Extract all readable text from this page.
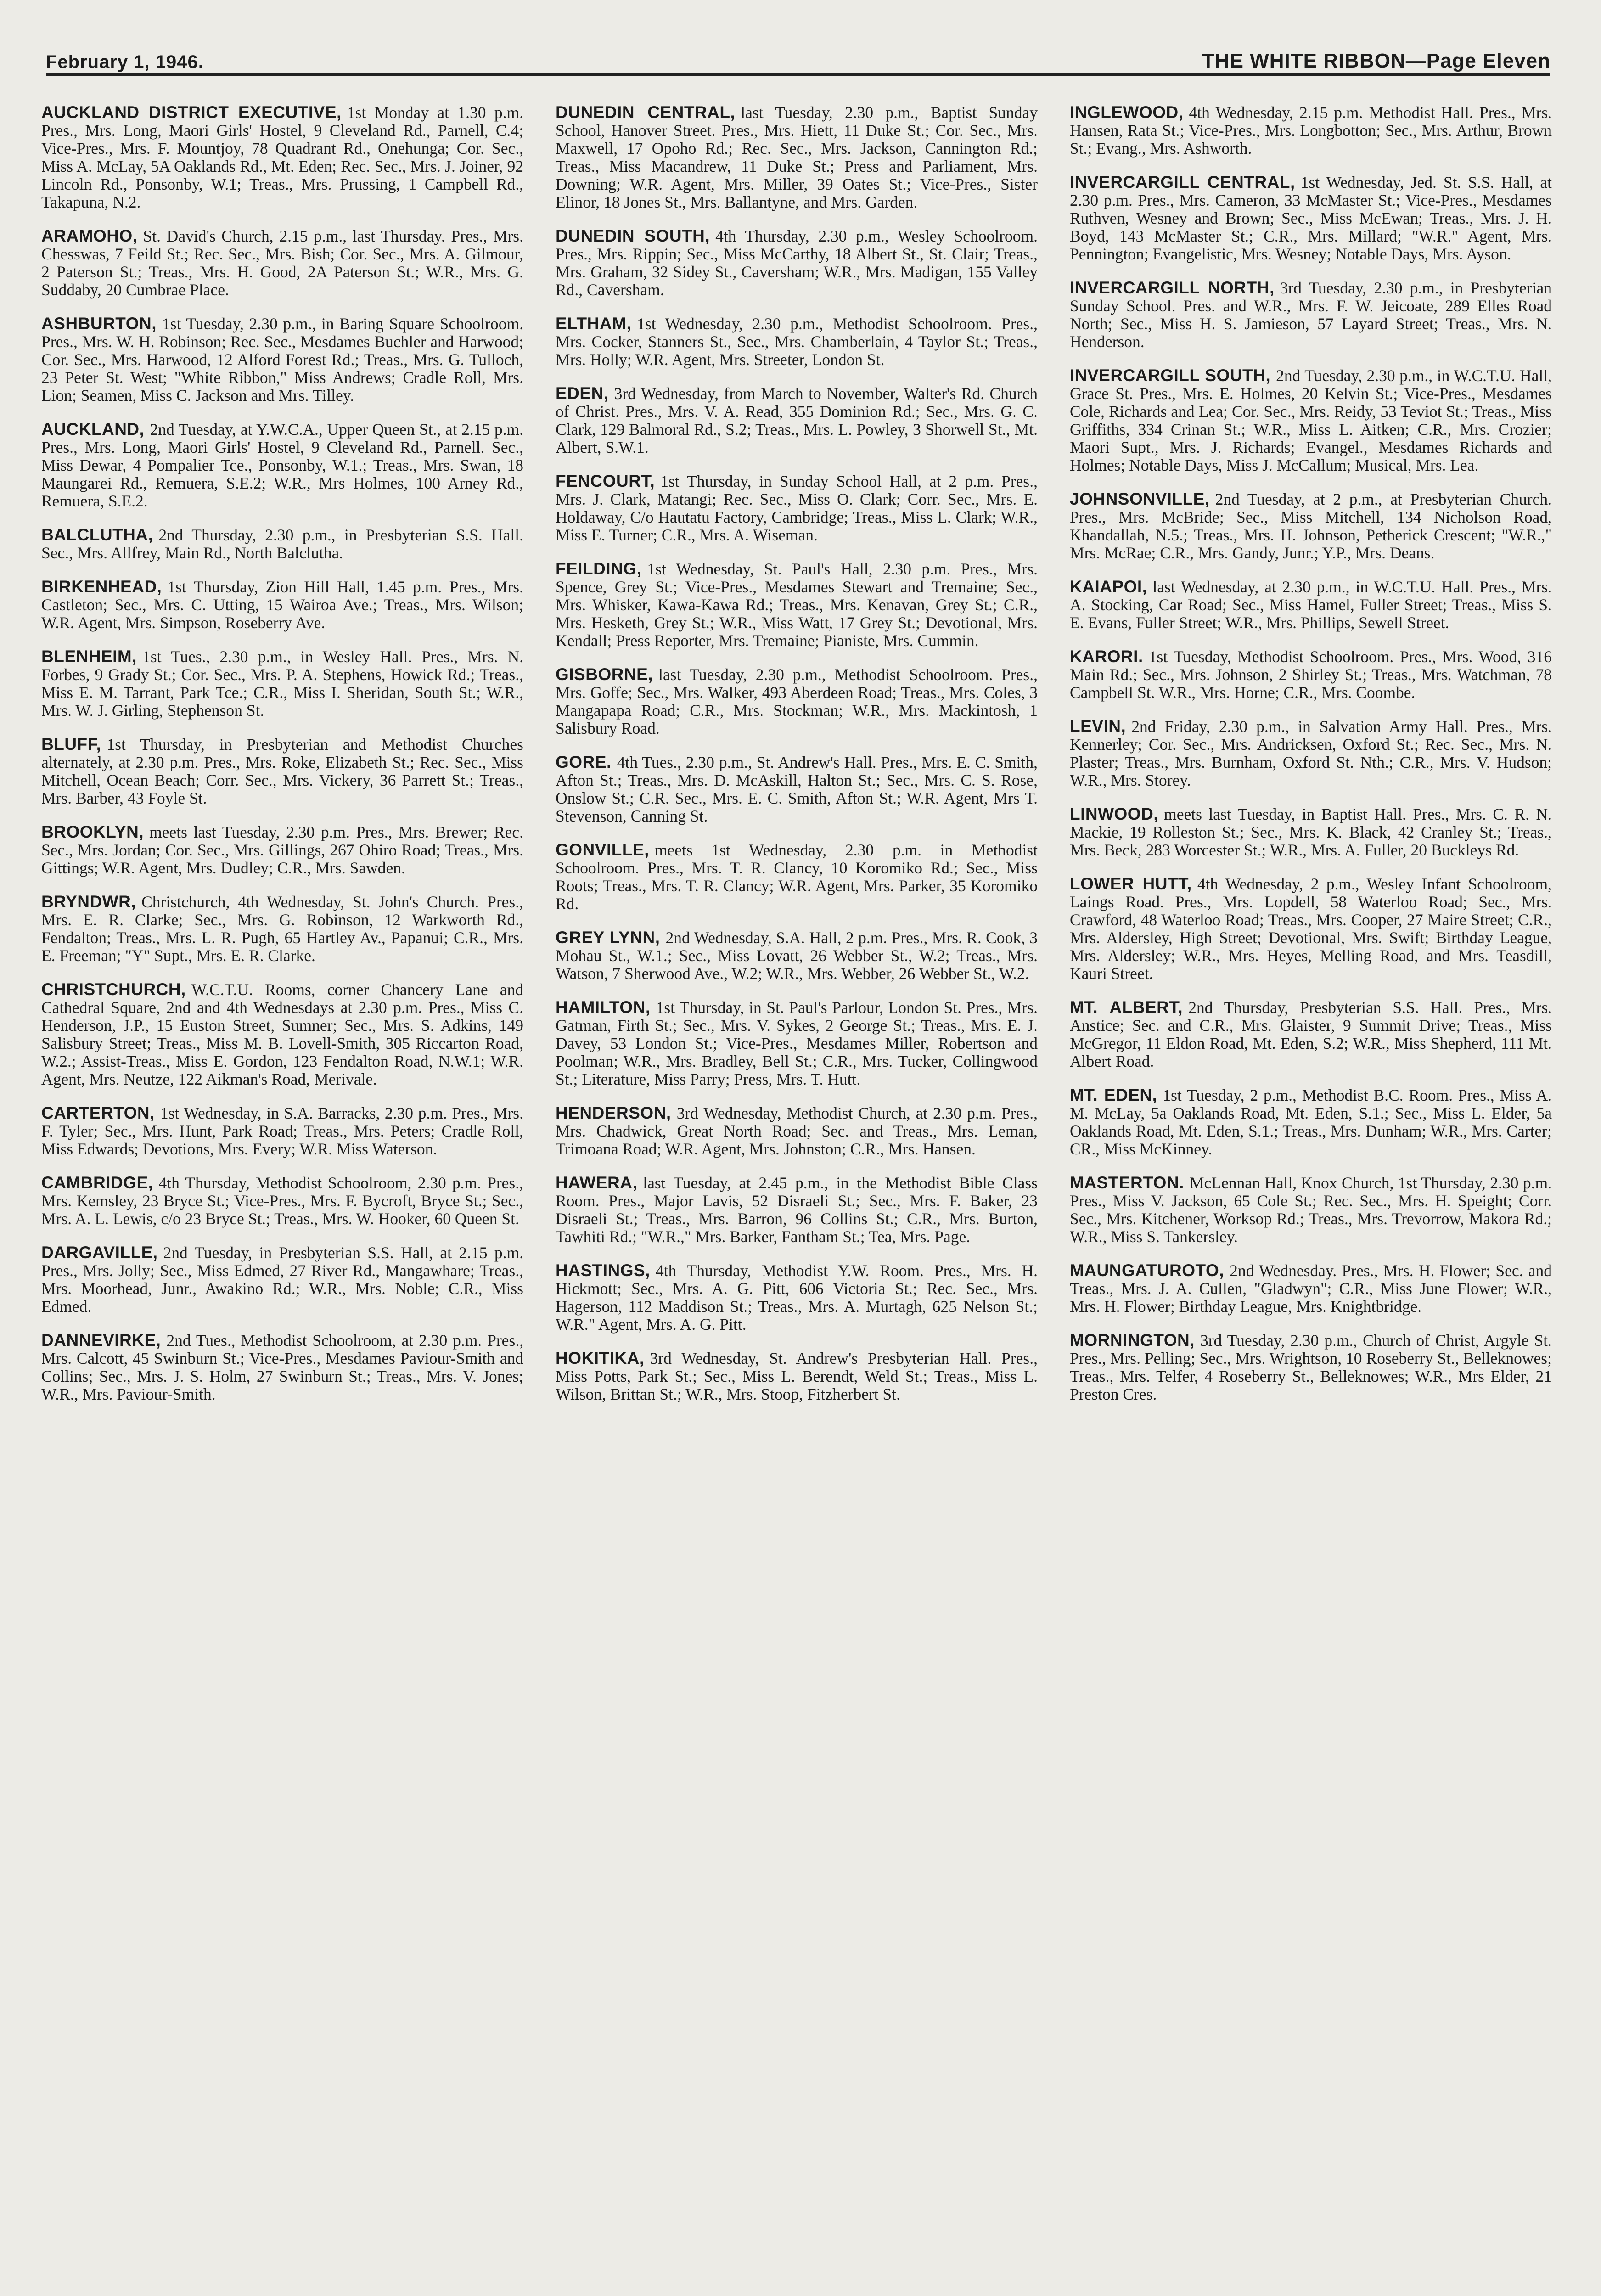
February 1, 1946.	THE WHITE RIBBON—Page Eleven

AUCKLAND DISTRICT EXECUTIVE, 1st Monday at 1.30 p.m. Pres., Mrs. Long, Maori Girls' Hostel, 9 Cleveland Rd., Parnell, C.4; Vice-Pres., Mrs. F. Mountjoy, 78 Quadrant Rd., Onehunga; Cor. Sec., Miss A. McLay, 5A Oaklands Rd., Mt. Eden; Rec. Sec., Mrs. J. Joiner, 92 Lincoln Rd., Ponsonby, W.1; Treas., Mrs. Prussing, 1 Campbell Rd., Takapuna, N.2.

ARAMOHO, St. David's Church, 2.15 p.m., last Thursday. Pres., Mrs. Chesswas, 7 Feild St.; Rec. Sec., Mrs. Bish; Cor. Sec., Mrs. A. Gilmour, 2 Paterson St.; Treas., Mrs. H. Good, 2A Paterson St.; W.R., Mrs. G. Suddaby, 20 Cumbrae Place.

ASHBURTON, 1st Tuesday, 2.30 p.m., in Baring Square Schoolroom. Pres., Mrs. W. H. Robinson; Rec. Sec., Mesdames Buchler and Harwood; Cor. Sec., Mrs. Harwood, 12 Alford Forest Rd.; Treas., Mrs. G. Tulloch, 23 Peter St. West; "White Ribbon," Miss Andrews; Cradle Roll, Mrs. Lion; Seamen, Miss C. Jackson and Mrs. Tilley.

AUCKLAND, 2nd Tuesday, at Y.W.C.A., Upper Queen St., at 2.15 p.m. Pres., Mrs. Long, Maori Girls' Hostel, 9 Cleveland Rd., Parnell. Sec., Miss Dewar, 4 Pompalier Tce., Ponsonby, W.1.; Treas., Mrs. Swan, 18 Maungarei Rd., Remuera, S.E.2; W.R., Mrs Holmes, 100 Arney Rd., Remuera, S.E.2.

BALCLUTHA, 2nd Thursday, 2.30 p.m., in Presbyterian S.S. Hall. Sec., Mrs. Allfrey, Main Rd., North Balclutha.

BIRKENHEAD, 1st Thursday, Zion Hill Hall, 1.45 p.m. Pres., Mrs. Castleton; Sec., Mrs. C. Utting, 15 Wairoa Ave.; Treas., Mrs. Wilson; W.R. Agent, Mrs. Simpson, Roseberry Ave.

BLENHEIM, 1st Tues., 2.30 p.m., in Wesley Hall. Pres., Mrs. N. Forbes, 9 Grady St.; Cor. Sec., Mrs. P. A. Stephens, Howick Rd.; Treas., Miss E. M. Tarrant, Park Tce.; C.R., Miss I. Sheridan, South St.; W.R., Mrs. W. J. Girling, Stephenson St.

BLUFF, 1st Thursday, in Presbyterian and Methodist Churches alternately, at 2.30 p.m. Pres., Mrs. Roke, Elizabeth St.; Rec. Sec., Miss Mitchell, Ocean Beach; Corr. Sec., Mrs. Vickery, 36 Parrett St.; Treas., Mrs. Barber, 43 Foyle St.

BROOKLYN, meets last Tuesday, 2.30 p.m. Pres., Mrs. Brewer; Rec. Sec., Mrs. Jordan; Cor. Sec., Mrs. Gillings, 267 Ohiro Road; Treas., Mrs. Gittings; W.R. Agent, Mrs. Dudley; C.R., Mrs. Sawden.

BRYNDWR, Christchurch, 4th Wednesday, St. John's Church. Pres., Mrs. E. R. Clarke; Sec., Mrs. G. Robinson, 12 Warkworth Rd., Fendalton; Treas., Mrs. L. R. Pugh, 65 Hartley Av., Papanui; C.R., Mrs. E. Freeman; "Y" Supt., Mrs. E. R. Clarke.

CHRISTCHURCH, W.C.T.U. Rooms, corner Chancery Lane and Cathedral Square, 2nd and 4th Wednesdays at 2.30 p.m. Pres., Miss C. Henderson, J.P., 15 Euston Street, Sumner; Sec., Mrs. S. Adkins, 149 Salisbury Street; Treas., Miss M. B. Lovell-Smith, 305 Riccarton Road, W.2.; Assist-Treas., Miss E. Gordon, 123 Fendalton Road, N.W.1; W.R. Agent, Mrs. Neutze, 122 Aikman's Road, Merivale.

CARTERTON, 1st Wednesday, in S.A. Barracks, 2.30 p.m. Pres., Mrs. F. Tyler; Sec., Mrs. Hunt, Park Road; Treas., Mrs. Peters; Cradle Roll, Miss Edwards; Devotions, Mrs. Every; W.R. Miss Waterson.

CAMBRIDGE, 4th Thursday, Methodist Schoolroom, 2.30 p.m. Pres., Mrs. Kemsley, 23 Bryce St.; Vice-Pres., Mrs. F. Bycroft, Bryce St.; Sec., Mrs. A. L. Lewis, c/o 23 Bryce St.; Treas., Mrs. W. Hooker, 60 Queen St.

DARGAVILLE, 2nd Tuesday, in Presbyterian S.S. Hall, at 2.15 p.m. Pres., Mrs. Jolly; Sec., Miss Edmed, 27 River Rd., Mangawhare; Treas., Mrs. Moorhead, Junr., Awakino Rd.; W.R., Mrs. Noble; C.R., Miss Edmed.

DANNEVIRKE, 2nd Tues., Methodist Schoolroom, at 2.30 p.m. Pres., Mrs. Calcott, 45 Swinburn St.; Vice-Pres., Mesdames Paviour-Smith and Collins; Sec., Mrs. J. S. Holm, 27 Swinburn St.; Treas., Mrs. V. Jones; W.R., Mrs. Paviour-Smith.

DUNEDIN CENTRAL, last Tuesday, 2.30 p.m., Baptist Sunday School, Hanover Street. Pres., Mrs. Hiett, 11 Duke St.; Cor. Sec., Mrs. Maxwell, 17 Opoho Rd.; Rec. Sec., Mrs. Jackson, Cannington Rd.; Treas., Miss Macandrew, 11 Duke St.; Press and Parliament, Mrs. Downing; W.R. Agent, Mrs. Miller, 39 Oates St.; Vice-Pres., Sister Elinor, 18 Jones St., Mrs. Ballantyne, and Mrs. Garden.

DUNEDIN SOUTH, 4th Thursday, 2.30 p.m., Wesley Schoolroom. Pres., Mrs. Rippin; Sec., Miss McCarthy, 18 Albert St., St. Clair; Treas., Mrs. Graham, 32 Sidey St., Caversham; W.R., Mrs. Madigan, 155 Valley Rd., Caversham.

ELTHAM, 1st Wednesday, 2.30 p.m., Methodist Schoolroom. Pres., Mrs. Cocker, Stanners St., Sec., Mrs. Chamberlain, 4 Taylor St.; Treas., Mrs. Holly; W.R. Agent, Mrs. Streeter, London St.

EDEN, 3rd Wednesday, from March to November, Walter's Rd. Church of Christ. Pres., Mrs. V. A. Read, 355 Dominion Rd.; Sec., Mrs. G. C. Clark, 129 Balmoral Rd., S.2; Treas., Mrs. L. Powley, 3 Shorwell St., Mt. Albert, S.W.1.

FENCOURT, 1st Thursday, in Sunday School Hall, at 2 p.m. Pres., Mrs. J. Clark, Matangi; Rec. Sec., Miss O. Clark; Corr. Sec., Mrs. E. Holdaway, C/o Hautatu Factory, Cambridge; Treas., Miss L. Clark; W.R., Miss E. Turner; C.R., Mrs. A. Wiseman.

FEILDING, 1st Wednesday, St. Paul's Hall, 2.30 p.m. Pres., Mrs. Spence, Grey St.; Vice-Pres., Mesdames Stewart and Tremaine; Sec., Mrs. Whisker, Kawa-Kawa Rd.; Treas., Mrs. Kenavan, Grey St.; C.R., Mrs. Hesketh, Grey St.; W.R., Miss Watt, 17 Grey St.; Devotional, Mrs. Kendall; Press Reporter, Mrs. Tremaine; Pianiste, Mrs. Cummin.

GISBORNE, last Tuesday, 2.30 p.m., Methodist Schoolroom. Pres., Mrs. Goffe; Sec., Mrs. Walker, 493 Aberdeen Road; Treas., Mrs. Coles, 3 Mangapapa Road; C.R., Mrs. Stockman; W.R., Mrs. Mackintosh, 1 Salisbury Road.

GORE. 4th Tues., 2.30 p.m., St. Andrew's Hall. Pres., Mrs. E. C. Smith, Afton St.; Treas., Mrs. D. McAskill, Halton St.; Sec., Mrs. C. S. Rose, Onslow St.; C.R. Sec., Mrs. E. C. Smith, Afton St.; W.R. Agent, Mrs T. Stevenson, Canning St.

GONVILLE, meets 1st Wednesday, 2.30 p.m. in Methodist Schoolroom. Pres., Mrs. T. R. Clancy, 10 Koromiko Rd.; Sec., Miss Roots; Treas., Mrs. T. R. Clancy; W.R. Agent, Mrs. Parker, 35 Koromiko Rd.

GREY LYNN, 2nd Wednesday, S.A. Hall, 2 p.m. Pres., Mrs. R. Cook, 3 Mohau St., W.1.; Sec., Miss Lovatt, 26 Webber St., W.2; Treas., Mrs. Watson, 7 Sherwood Ave., W.2; W.R., Mrs. Webber, 26 Webber St., W.2.

HAMILTON, 1st Thursday, in St. Paul's Parlour, London St. Pres., Mrs. Gatman, Firth St.; Sec., Mrs. V. Sykes, 2 George St.; Treas., Mrs. E. J. Davey, 53 London St.; Vice-Pres., Mesdames Miller, Robertson and Poolman; W.R., Mrs. Bradley, Bell St.; C.R., Mrs. Tucker, Collingwood St.; Literature, Miss Parry; Press, Mrs. T. Hutt.

HENDERSON, 3rd Wednesday, Methodist Church, at 2.30 p.m. Pres., Mrs. Chadwick, Great North Road; Sec. and Treas., Mrs. Leman, Trimoana Road; W.R. Agent, Mrs. Johnston; C.R., Mrs. Hansen.

HAWERA, last Tuesday, at 2.45 p.m., in the Methodist Bible Class Room. Pres., Major Lavis, 52 Disraeli St.; Sec., Mrs. F. Baker, 23 Disraeli St.; Treas., Mrs. Barron, 96 Collins St.; C.R., Mrs. Burton, Tawhiti Rd.; "W.R.," Mrs. Barker, Fantham St.; Tea, Mrs. Page.

HASTINGS, 4th Thursday, Methodist Y.W. Room. Pres., Mrs. H. Hickmott; Sec., Mrs. A. G. Pitt, 606 Victoria St.; Rec. Sec., Mrs. Hagerson, 112 Maddison St.; Treas., Mrs. A. Murtagh, 625 Nelson St.; W.R." Agent, Mrs. A. G. Pitt.

HOKITIKA, 3rd Wednesday, St. Andrew's Presbyterian Hall. Pres., Miss Potts, Park St.; Sec., Miss L. Berendt, Weld St.; Treas., Miss L. Wilson, Brittan St.; W.R., Mrs. Stoop, Fitzherbert St.

INGLEWOOD, 4th Wednesday, 2.15 p.m. Methodist Hall. Pres., Mrs. Hansen, Rata St.; Vice-Pres., Mrs. Longbotton; Sec., Mrs. Arthur, Brown St.; Evang., Mrs. Ashworth.

INVERCARGILL CENTRAL, 1st Wednesday, Jed. St. S.S. Hall, at 2.30 p.m. Pres., Mrs. Cameron, 33 McMaster St.; Vice-Pres., Mesdames Ruthven, Wesney and Brown; Sec., Miss McEwan; Treas., Mrs. J. H. Boyd, 143 McMaster St.; C.R., Mrs. Millard; "W.R." Agent, Mrs. Pennington; Evangelistic, Mrs. Wesney; Notable Days, Mrs. Ayson.

INVERCARGILL NORTH, 3rd Tuesday, 2.30 p.m., in Presbyterian Sunday School. Pres. and W.R., Mrs. F. W. Jeicoate, 289 Elles Road North; Sec., Miss H. S. Jamieson, 57 Layard Street; Treas., Mrs. N. Henderson.

INVERCARGILL SOUTH, 2nd Tuesday, 2.30 p.m., in W.C.T.U. Hall, Grace St. Pres., Mrs. E. Holmes, 20 Kelvin St.; Vice-Pres., Mesdames Cole, Richards and Lea; Cor. Sec., Mrs. Reidy, 53 Teviot St.; Treas., Miss Griffiths, 334 Crinan St.; W.R., Miss L. Aitken; C.R., Mrs. Crozier; Maori Supt., Mrs. J. Richards; Evangel., Mesdames Richards and Holmes; Notable Days, Miss J. McCallum; Musical, Mrs. Lea.

JOHNSONVILLE, 2nd Tuesday, at 2 p.m., at Presbyterian Church. Pres., Mrs. McBride; Sec., Miss Mitchell, 134 Nicholson Road, Khandallah, N.5.; Treas., Mrs. H. Johnson, Petherick Crescent; "W.R.," Mrs. McRae; C.R., Mrs. Gandy, Junr.; Y.P., Mrs. Deans.

KAIAPOI, last Wednesday, at 2.30 p.m., in W.C.T.U. Hall. Pres., Mrs. A. Stocking, Car Road; Sec., Miss Hamel, Fuller Street; Treas., Miss S. E. Evans, Fuller Street; W.R., Mrs. Phillips, Sewell Street.

KARORI. 1st Tuesday, Methodist Schoolroom. Pres., Mrs. Wood, 316 Main Rd.; Sec., Mrs. Johnson, 2 Shirley St.; Treas., Mrs. Watchman, 78 Campbell St. W.R., Mrs. Horne; C.R., Mrs. Coombe.

LEVIN, 2nd Friday, 2.30 p.m., in Salvation Army Hall. Pres., Mrs. Kennerley; Cor. Sec., Mrs. Andricksen, Oxford St.; Rec. Sec., Mrs. N. Plaster; Treas., Mrs. Burnham, Oxford St. Nth.; C.R., Mrs. V. Hudson; W.R., Mrs. Storey.

LINWOOD, meets last Tuesday, in Baptist Hall. Pres., Mrs. C. R. N. Mackie, 19 Rolleston St.; Sec., Mrs. K. Black, 42 Cranley St.; Treas., Mrs. Beck, 283 Worcester St.; W.R., Mrs. A. Fuller, 20 Buckleys Rd.

LOWER HUTT, 4th Wednesday, 2 p.m., Wesley Infant Schoolroom, Laings Road. Pres., Mrs. Lopdell, 58 Waterloo Road; Sec., Mrs. Crawford, 48 Waterloo Road; Treas., Mrs. Cooper, 27 Maire Street; C.R., Mrs. Aldersley, High Street; Devotional, Mrs. Swift; Birthday League, Mrs. Aldersley; W.R., Mrs. Heyes, Melling Road, and Mrs. Teasdill, Kauri Street.

MT. ALBERT, 2nd Thursday, Presbyterian S.S. Hall. Pres., Mrs. Anstice; Sec. and C.R., Mrs. Glaister, 9 Summit Drive; Treas., Miss McGregor, 11 Eldon Road, Mt. Eden, S.2; W.R., Miss Shepherd, 111 Mt. Albert Road.

MT. EDEN, 1st Tuesday, 2 p.m., Methodist B.C. Room. Pres., Miss A. M. McLay, 5a Oaklands Road, Mt. Eden, S.1.; Sec., Miss L. Elder, 5a Oaklands Road, Mt. Eden, S.1.; Treas., Mrs. Dunham; W.R., Mrs. Carter; CR., Miss McKinney.

MASTERTON. McLennan Hall, Knox Church, 1st Thursday, 2.30 p.m. Pres., Miss V. Jackson, 65 Cole St.; Rec. Sec., Mrs. H. Speight; Corr. Sec., Mrs. Kitchener, Worksop Rd.; Treas., Mrs. Trevorrow, Makora Rd.; W.R., Miss S. Tankersley.

MAUNGATUROTO, 2nd Wednesday. Pres., Mrs. H. Flower; Sec. and Treas., Mrs. J. A. Cullen, "Gladwyn"; C.R., Miss June Flower; W.R., Mrs. H. Flower; Birthday League, Mrs. Knightbridge.

MORNINGTON, 3rd Tuesday, 2.30 p.m., Church of Christ, Argyle St. Pres., Mrs. Pelling; Sec., Mrs. Wrightson, 10 Roseberry St., Belleknowes; Treas., Mrs. Telfer, 4 Roseberry St., Belleknowes; W.R., Mrs Elder, 21 Preston Cres.
